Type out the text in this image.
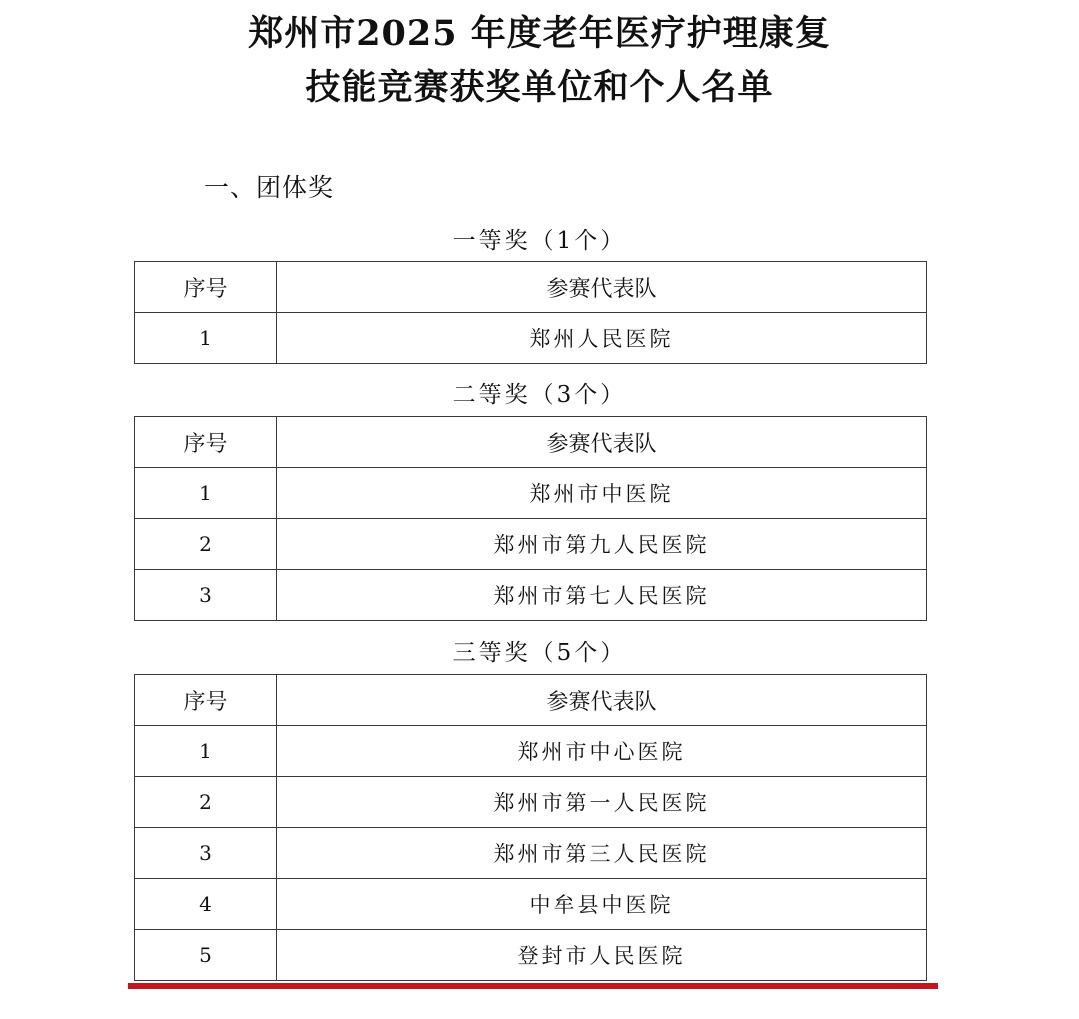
郑州市2025 年度老年医疗护理康复
技能竞赛获奖单位和个人名单
一、团体奖
一等奖（1个）
序号	参赛代表队
1	郑州人民医院
二等奖（3个）
序号	参赛代表队
1	郑州市中医院
2	郑州市第九人民医院
3	郑州市第七人民医院
三等奖（5个）
序号	参赛代表队
1	郑州市中心医院
2	郑州市第一人民医院
3	郑州市第三人民医院
4	中牟县中医院
5	登封市人民医院
